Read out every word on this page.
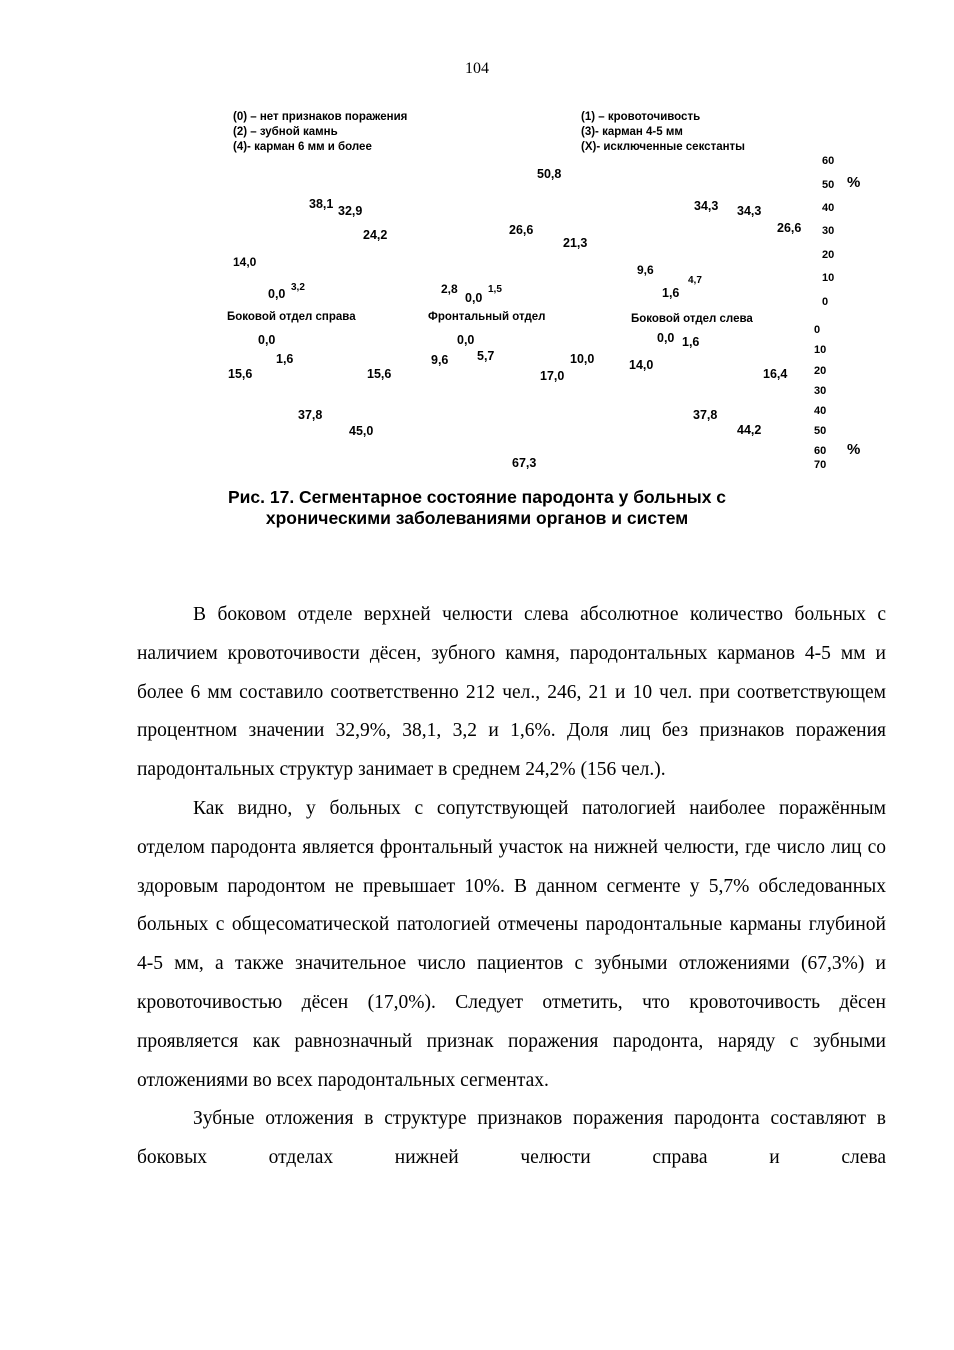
104
(0) – нет признаков поражения
(2) – зубной камнь
(4)- карман 6 мм и более
(1) – кровоточивость
(3)- карман 4-5 мм
(X)- исключенные секстанты
38,1 32,9
24,2
14,0
0,0 3,2
50,8
26,6
21,3
2,8
0,0
1,5
34,3 34,3
26,6
9,6
4,7
1,6
60
50 %
40
30
20
10
0
Боковой отдел справа	Фронтальный отдел	Боковой отдел слева
0
10
20
30
40
50
60 %
70
0,0
1,6
15,6	15,6
37,8
45,0
0,0
9,6 5,7	10,0
17,0
67,3
0,0 1,6
14,0
16,4
37,8
44,2
Рис. 17. Сегментарное состояние пародонта у больных с
хроническими заболеваниями органов и систем

В боковом отделе верхней челюсти слева абсолютное количество больных с наличием кровоточивости дёсен, зубного камня, пародонтальных карманов 4-5 мм и более 6 мм составило соответственно 212 чел., 246, 21 и 10 чел. при соответствующем процентном значении 32,9%, 38,1, 3,2 и 1,6%. Доля лиц без признаков поражения пародонтальных структур занимает в среднем 24,2% (156 чел.).

Как видно, у больных с сопутствующей патологией наиболее поражённым отделом пародонта является фронтальный участок на нижней челюсти, где число лиц со здоровым пародонтом не превышает 10%. В данном сегменте у 5,7% обследованных больных с общесоматической патологией отмечены пародонтальные карманы глубиной 4-5 мм, а также значительное число пациентов с зубными отложениями (67,3%) и кровоточивостью дёсен (17,0%). Следует отметить, что кровоточивость дёсен проявляется как равнозначный признак поражения пародонта, наряду с зубными отложениями во всех пародонтальных сегментах.

Зубные отложения в структуре признаков поражения пародонта составляют в боковых отделах нижней челюсти справа и слева
